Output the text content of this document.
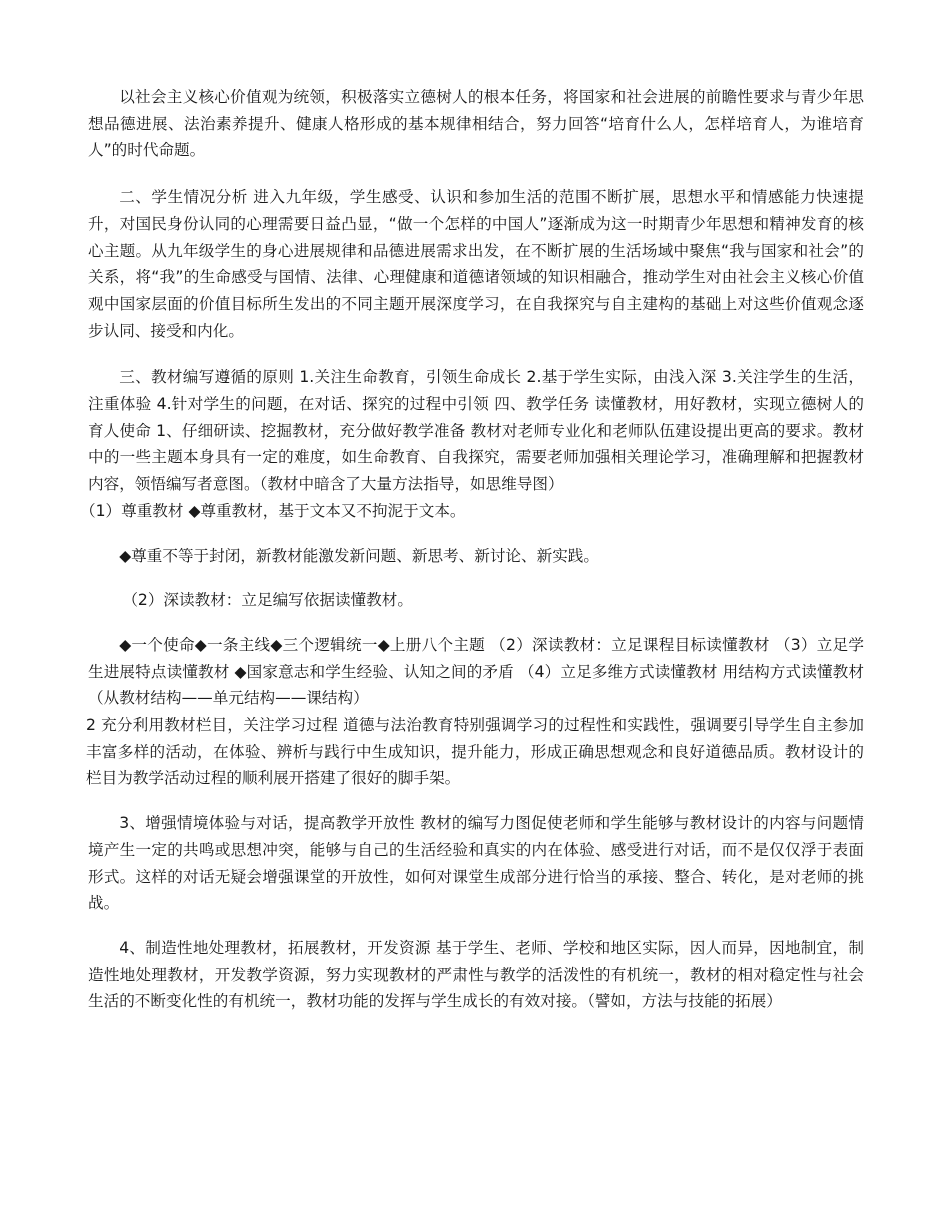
以社会主义核心价值观为统领，积极落实立德树人的根本任务，将国家和社会进展的前瞻性要求与青少年思想品德进展、法治素养提升、健康人格形成的基本规律相结合，努力回答“培育什么人，怎样培育人，为谁培育人”的时代命题。

二、学生情况分析 进入九年级，学生感受、认识和参加生活的范围不断扩展，思想水平和情感能力快速提升，对国民身份认同的心理需要日益凸显，“做一个怎样的中国人”逐渐成为这一时期青少年思想和精神发育的核心主题。从九年级学生的身心进展规律和品德进展需求出发，在不断扩展的生活场域中聚焦“我与国家和社会”的关系，将“我”的生命感受与国情、法律、心理健康和道德诸领域的知识相融合，推动学生对由社会主义核心价值观中国家层面的价值目标所生发出的不同主题开展深度学习，在自我探究与自主建构的基础上对这些价值观念逐步认同、接受和内化。

三、教材编写遵循的原则 1.关注生命教育，引领生命成长 2.基于学生实际，由浅入深 3.关注学生的生活，注重体验 4.针对学生的问题，在对话、探究的过程中引领 四、教学任务 读懂教材，用好教材，实现立德树人的育人使命 1、仔细研读、挖掘教材，充分做好教学准备 教材对老师专业化和老师队伍建设提出更高的要求。教材中的一些主题本身具有一定的难度，如生命教育、自我探究，需要老师加强相关理论学习，准确理解和把握教材内容，领悟编写者意图。（教材中暗含了大量方法指导，如思维导图）

（1）尊重教材 ◆尊重教材，基于文本又不拘泥于文本。

◆尊重不等于封闭，新教材能激发新问题、新思考、新讨论、新实践。

（2）深读教材：立足编写依据读懂教材。

◆一个使命◆一条主线◆三个逻辑统一◆上册八个主题 （2）深读教材：立足课程目标读懂教材 （3）立足学生进展特点读懂教材 ◆国家意志和学生经验、认知之间的矛盾 （4）立足多维方式读懂教材 用结构方式读懂教材（从教材结构——单元结构——课结构）

2 充分利用教材栏目，关注学习过程 道德与法治教育特别强调学习的过程性和实践性，强调要引导学生自主参加丰富多样的活动，在体验、辨析与践行中生成知识，提升能力，形成正确思想观念和良好道德品质。教材设计的栏目为教学活动过程的顺利展开搭建了很好的脚手架。

3、增强情境体验与对话，提高教学开放性 教材的编写力图促使老师和学生能够与教材设计的内容与问题情境产生一定的共鸣或思想冲突，能够与自己的生活经验和真实的内在体验、感受进行对话，而不是仅仅浮于表面形式。这样的对话无疑会增强课堂的开放性，如何对课堂生成部分进行恰当的承接、整合、转化，是对老师的挑战。

4、制造性地处理教材，拓展教材，开发资源 基于学生、老师、学校和地区实际，因人而异，因地制宜，制造性地处理教材，开发教学资源，努力实现教材的严肃性与教学的活泼性的有机统一，教材的相对稳定性与社会生活的不断变化性的有机统一，教材功能的发挥与学生成长的有效对接。（譬如，方法与技能的拓展）
